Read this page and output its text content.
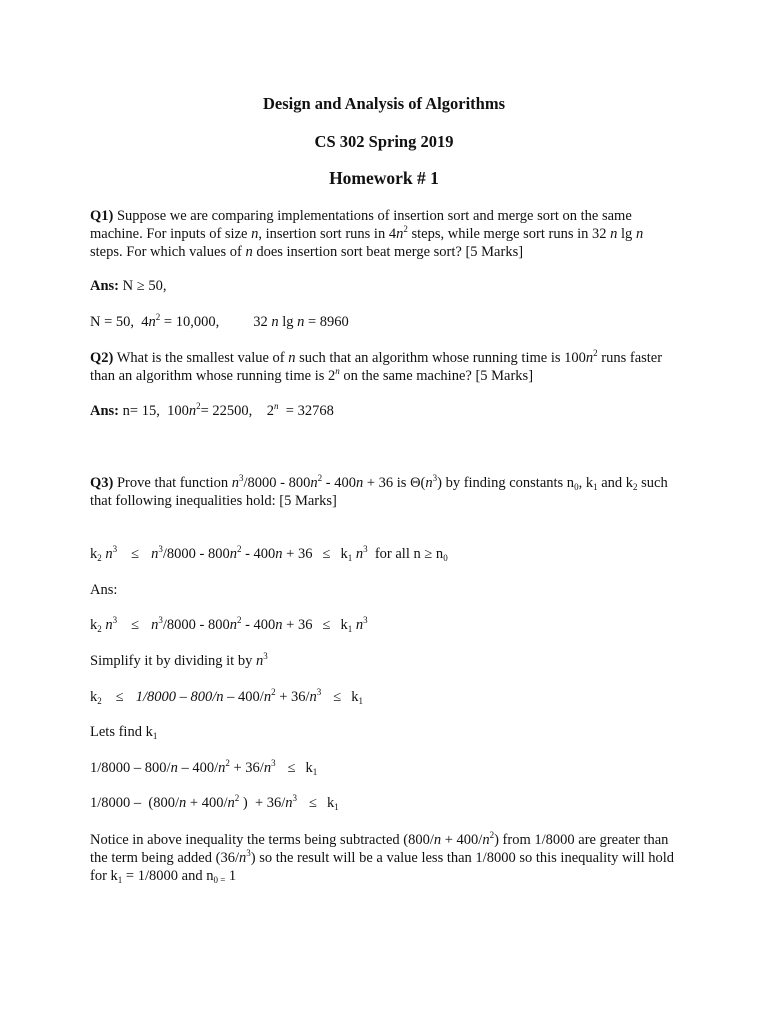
Design and Analysis of Algorithms
CS 302 Spring 2019
Homework # 1

Q1) Suppose we are comparing implementations of insertion sort and merge sort on the same machine. For inputs of size n, insertion sort runs in $4n^2$ steps, while merge sort runs in 32 n lg n steps. For which values of n does insertion sort beat merge sort? [5 Marks]

Ans: N ≥ 50,
N = 50,  $4n^2 = 10,000$, 32 n lg n = 8960

Q2) What is the smallest value of n such that an algorithm whose running time is $100n^2$ runs faster than an algorithm whose running time is 2$^n$ on the same machine? [5 Marks]

Ans: n= 15,  $100n^2= 22500$,    2$^n$  = 32768

Q3) Prove that function $n^3/8000 - 800n^2 - 400n + 36$ is $\Theta(n^3)$ by finding constants $n_0$, $k_1$ and $k_2$ such that following inequalities hold: [5 Marks]

$k_2$ $n^3 \le n^3/8000 - 800n^2 - 400n + 36 \le k_1$ $n^3$  for all $n \ge n_0$
Ans:
$k_2$ $n^3 \le n^3/8000 - 800n^2 - 400n + 36 \le k_1$ $n^3$
Simplify it by dividing it by $n^3$
$k_2 \le 1/8000 - 800/n - 400/n^2 + 36/n^3 \le k_1$
Lets find $k_1$
$1/8000 - 800/n - 400/n^2 + 36/n^3 \le k_1$
$1/8000 - (800/n + 400/n^2$ )  + $36/n^3 \le k_1$

Notice in above inequality the terms being subtracted $(800/n + 400/n^2)$ from 1/8000 are greater than the term being added $(36/n^3)$ so the result will be a value less than 1/8000 so this inequality will hold for $k_1 = 1/8000$ and $n_{0 =}$ 1
